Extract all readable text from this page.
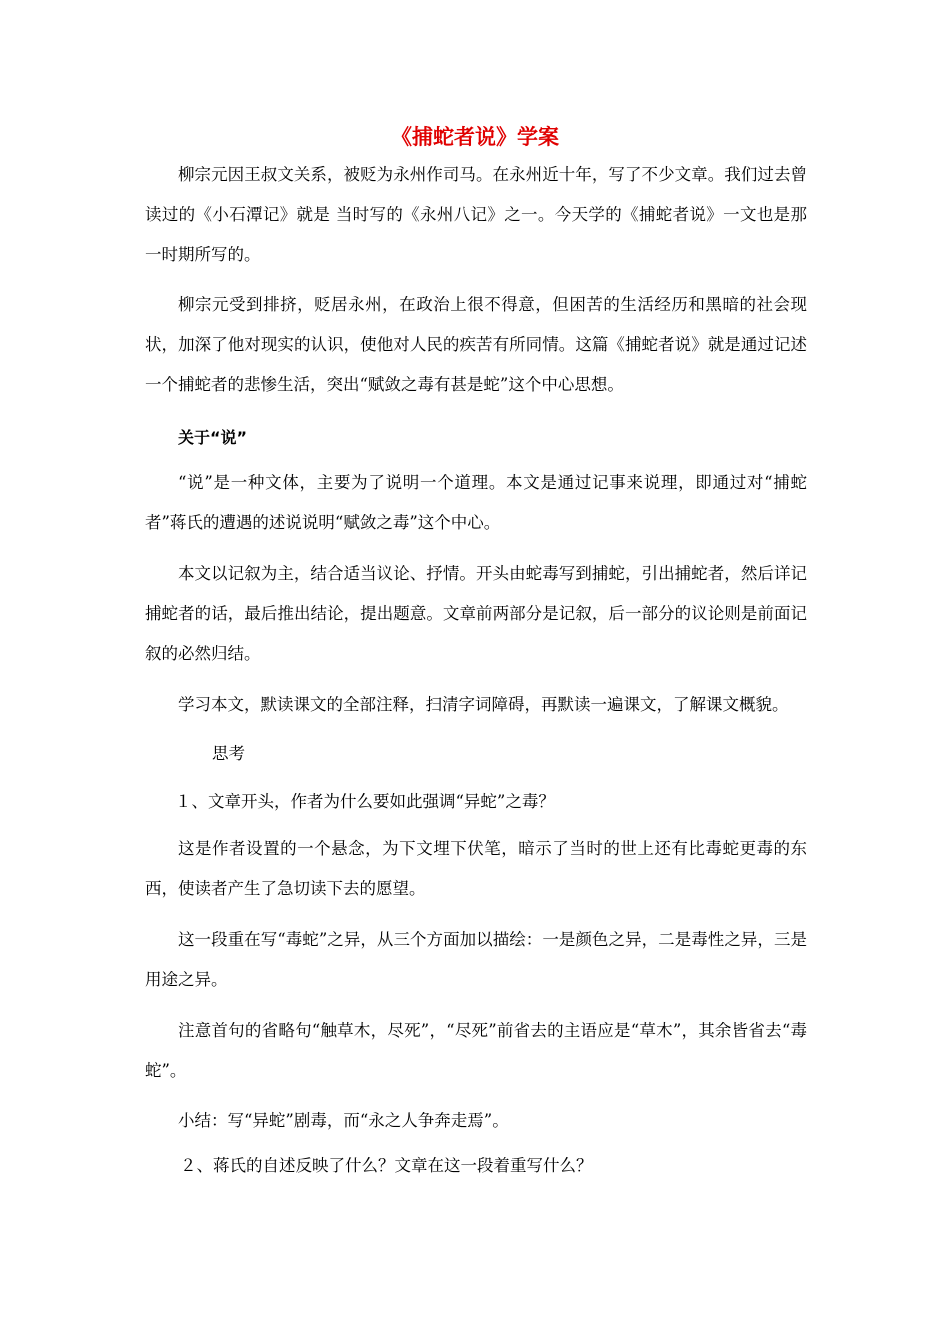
《捕蛇者说》学案

柳宗元因王叔文关系，被贬为永州作司马。在永州近十年，写了不少文章。我们过去曾读过的《小石潭记》就是 当时写的《永州八记》之一。今天学的《捕蛇者说》一文也是那一时期所写的。

柳宗元受到排挤，贬居永州，在政治上很不得意，但困苦的生活经历和黑暗的社会现状，加深了他对现实的认识，使他对人民的疾苦有所同情。这篇《捕蛇者说》就是通过记述一个捕蛇者的悲惨生活，突出“赋敛之毒有甚是蛇”这个中心思想。

关于“说”

“说”是一种文体，主要为了说明一个道理。本文是通过记事来说理，即通过对“捕蛇者”蒋氏的遭遇的述说说明“赋敛之毒”这个中心。

本文以记叙为主，结合适当议论、抒情。开头由蛇毒写到捕蛇，引出捕蛇者，然后详记捕蛇者的话，最后推出结论，提出题意。文章前两部分是记叙，后一部分的议论则是前面记叙的必然归结。

学习本文，默读课文的全部注释，扫清字词障碍，再默读一遍课文，了解课文概貌。

思考
１、文章开头，作者为什么要如此强调“异蛇”之毒？

这是作者设置的一个悬念，为下文埋下伏笔，暗示了当时的世上还有比毒蛇更毒的东西，使读者产生了急切读下去的愿望。

这一段重在写“毒蛇”之异，从三个方面加以描绘：一是颜色之异，二是毒性之异，三是用途之异。

注意首句的省略句“触草木，尽死”，“尽死”前省去的主语应是“草木”，其余皆省去“毒蛇”。

小结：写“异蛇”剧毒，而“永之人争奔走焉”。

２、蒋氏的自述反映了什么？文章在这一段着重写什么？
